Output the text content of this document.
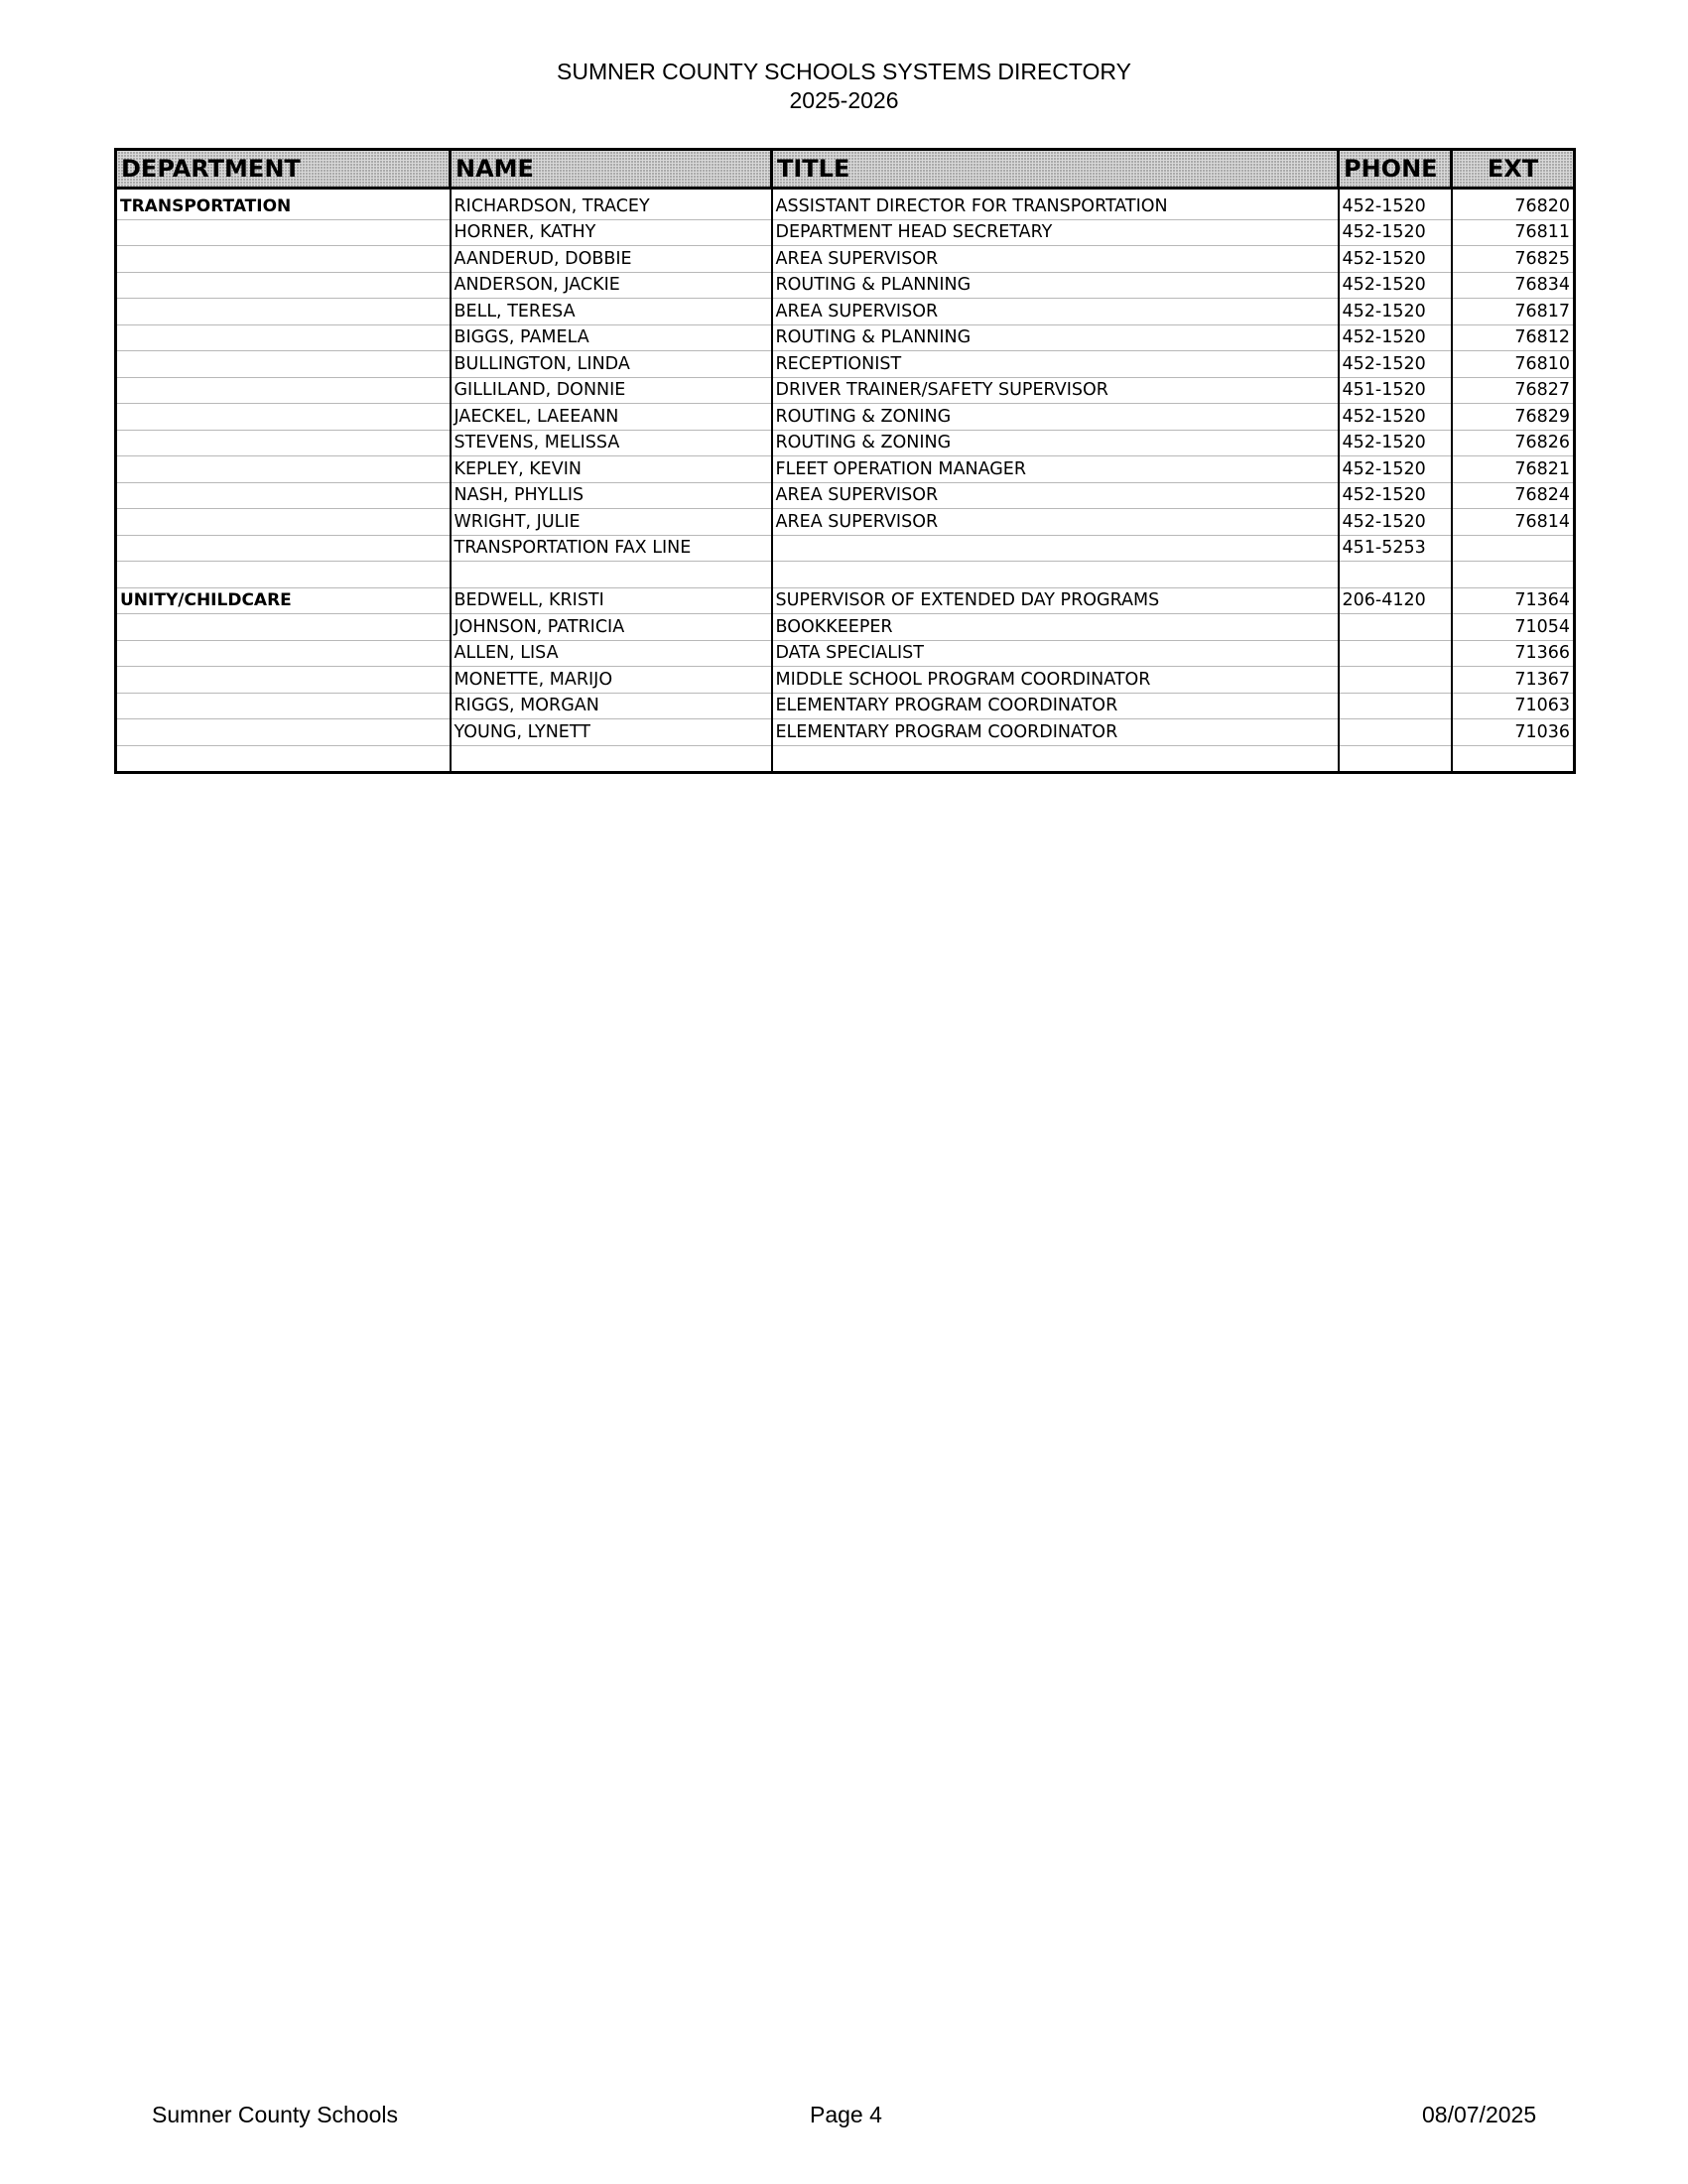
SUMNER COUNTY SCHOOLS SYSTEMS DIRECTORY
2025-2026
DEPARTMENT	NAME	TITLE	PHONE	EXT
TRANSPORTATION	RICHARDSON, TRACEY	ASSISTANT DIRECTOR FOR TRANSPORTATION	452-1520	76820
	HORNER, KATHY	DEPARTMENT HEAD SECRETARY	452-1520	76811
	AANDERUD, DOBBIE	AREA SUPERVISOR	452-1520	76825
	ANDERSON, JACKIE	ROUTING & PLANNING	452-1520	76834
	BELL, TERESA	AREA SUPERVISOR	452-1520	76817
	BIGGS, PAMELA	ROUTING & PLANNING	452-1520	76812
	BULLINGTON, LINDA	RECEPTIONIST	452-1520	76810
	GILLILAND, DONNIE	DRIVER TRAINER/SAFETY SUPERVISOR	451-1520	76827
	JAECKEL, LAEEANN	ROUTING & ZONING	452-1520	76829
	STEVENS, MELISSA	ROUTING & ZONING	452-1520	76826
	KEPLEY, KEVIN	FLEET OPERATION MANAGER	452-1520	76821
	NASH, PHYLLIS	AREA SUPERVISOR	452-1520	76824
	WRIGHT, JULIE	AREA SUPERVISOR	452-1520	76814
	TRANSPORTATION FAX LINE		451-5253	

UNITY/CHILDCARE	BEDWELL, KRISTI	SUPERVISOR OF EXTENDED DAY PROGRAMS	206-4120	71364
	JOHNSON, PATRICIA	BOOKKEEPER		71054
	ALLEN, LISA	DATA SPECIALIST		71366
	MONETTE, MARIJO	MIDDLE SCHOOL PROGRAM COORDINATOR		71367
	RIGGS, MORGAN	ELEMENTARY PROGRAM COORDINATOR		71063
	YOUNG, LYNETT	ELEMENTARY PROGRAM COORDINATOR		71036

Sumner County Schools	Page 4	08/07/2025
